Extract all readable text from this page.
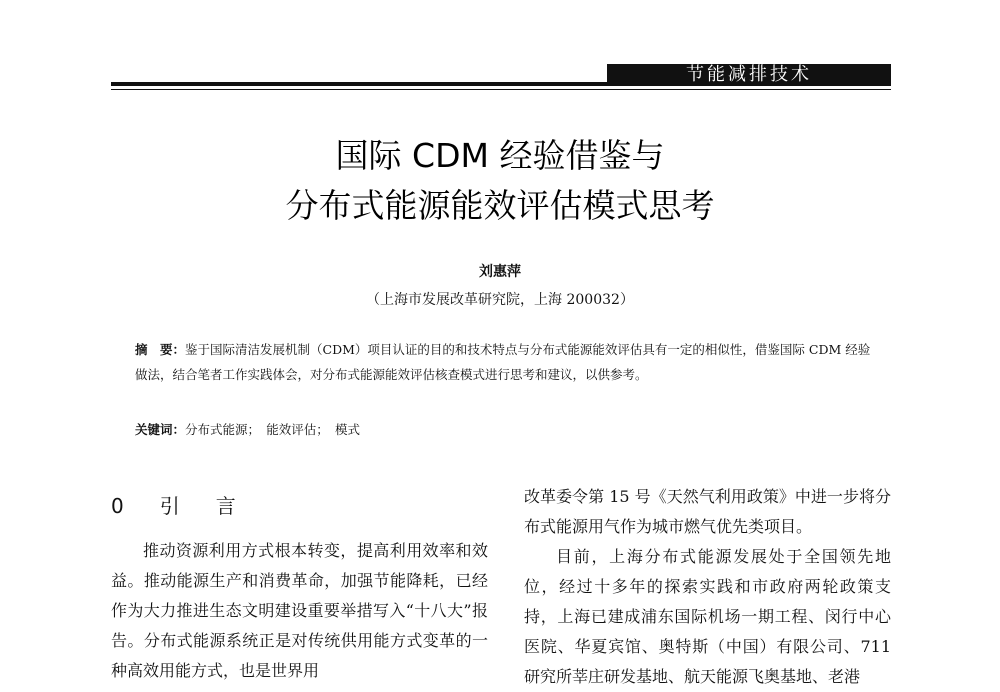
节能减排技术
国际 CDM 经验借鉴与
分布式能源能效评估模式思考
刘惠萍
（上海市发展改革研究院，上海 200032）

摘　要：鉴于国际清洁发展机制（CDM）项目认证的目的和技术特点与分布式能源能效评估具有一定的相似性，借鉴国际 CDM 经验做法，结合笔者工作实践体会，对分布式能源能效评估核查模式进行思考和建议，以供参考。

关键词：分布式能源；　能效评估；　模式

0　引　言
推动资源利用方式根本转变，提高利用效率和效益。推动能源生产和消费革命，加强节能降耗，已经作为大力推进生态文明建设重要举措写入“十八大”报告。分布式能源系统正是对传统供用能方式变革的一种高效用能方式，也是世界用
改革委令第 15 号《天然气利用政策》中进一步将分布式能源用气作为城市燃气优先类项目。
目前，上海分布式能源发展处于全国领先地位，经过十多年的探索实践和市政府两轮政策支持，上海已建成浦东国际机场一期工程、闵行中心医院、华夏宾馆、奥特斯（中国）有限公司、711 研究所莘庄研发基地、航天能源飞奥基地、老港
